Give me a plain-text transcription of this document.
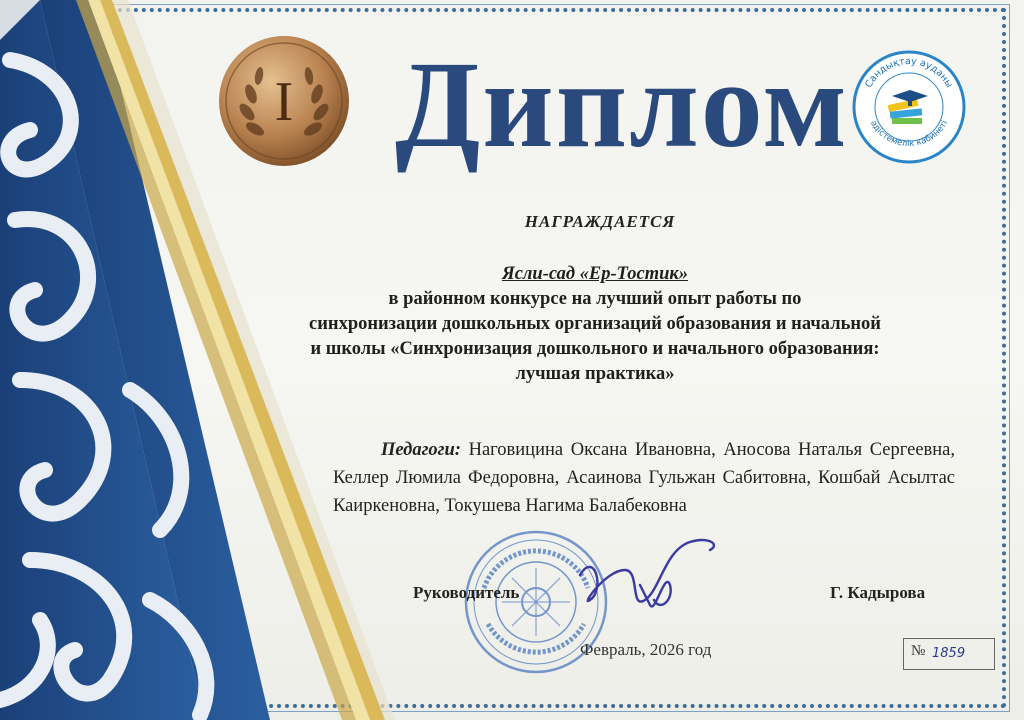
I	Сандықтау ауданы
әдістемелік кабинеті
Диплом
НАГРАЖДАЕТСЯ
Ясли-сад «Ер-Тостик»
в районном конкурсе на лучший опыт работы по
синхронизации дошкольных организаций образования и начальной
и школы «Синхронизация дошкольного и начального образования:
лучшая практика»
Педагоги: Наговицина Оксана Ивановна, Аносова Наталья Сергеевна, Келлер Люмила Федоровна, Асаинова Гульжан Сабитовна, Кошбай Асылтас Каиркеновна, Токушева Нагима Балабековна
Руководитель	Г. Кадырова
Февраль, 2026 год	№ 1859
